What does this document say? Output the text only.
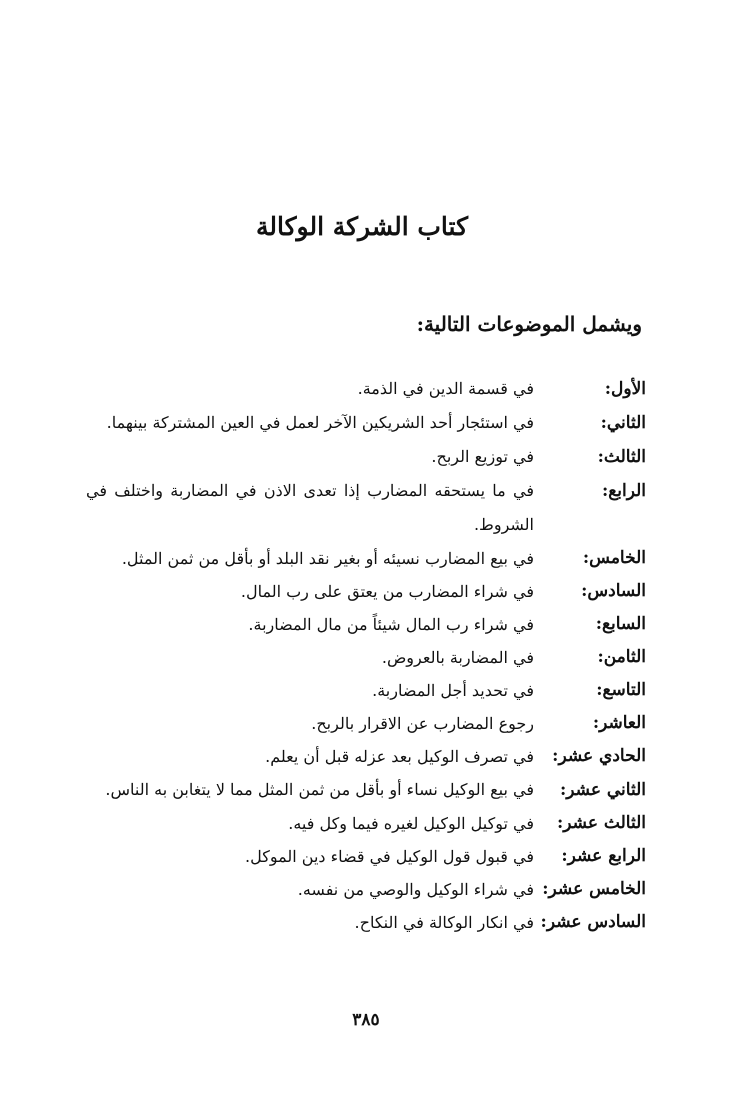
كتاب الشركة الوكالة

ويشمل الموضوعات التالية:

الأول:
في قسمة الدين في الذمة.
الثاني:
في استئجار أحد الشريكين الآخر لعمل في العين المشتركة بينهما.
الثالث:
في توزيع الربح.
الرابع:
في ما يستحقه المضارب إذا تعدى الاذن في المضاربة واختلف في الشروط.
الخامس:
في بيع المضارب نسيئه أو بغير نقد البلد أو بأقل من ثمن المثل.
السادس:
في شراء المضارب من يعتق على رب المال.
السابع:
في شراء رب المال شيئاً من مال المضاربة.
الثامن:
في المضاربة بالعروض.
التاسع:
في تحديد أجل المضاربة.
العاشر:
رجوع المضارب عن الاقرار بالربح.
الحادي عشر:
في تصرف الوكيل بعد عزله قبل أن يعلم.
الثاني عشر:
في بيع الوكيل نساء أو بأقل من ثمن المثل مما لا يتغابن به الناس.
الثالث عشر:
في توكيل الوكيل لغيره فيما وكل فيه.
الرابع عشر:
في قبول قول الوكيل في قضاء دين الموكل.
الخامس عشر:
في شراء الوكيل والوصي من نفسه.
السادس عشر:
في انكار الوكالة في النكاح.
٣٨٥
